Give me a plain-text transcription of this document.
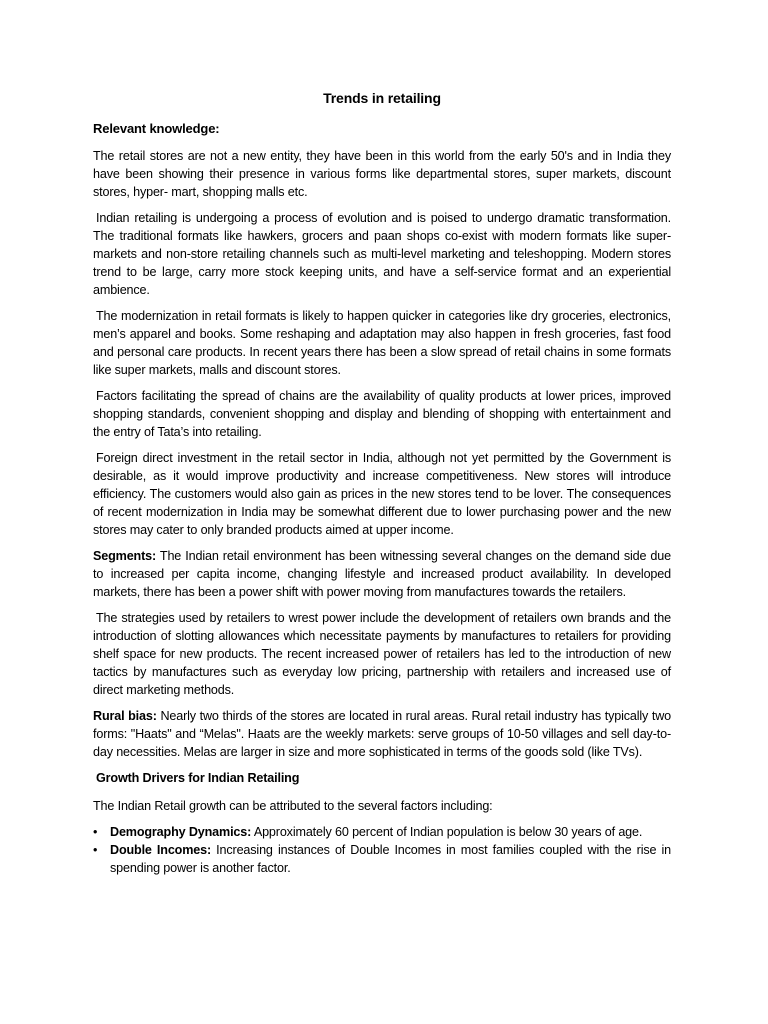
Trends in retailing
Relevant knowledge:

The retail stores are not a new entity, they have been in this world from the early 50's and in India they have been showing their presence in various forms like departmental stores, super markets, discount stores, hyper- mart, shopping malls etc.

Indian retailing is undergoing a process of evolution and is poised to undergo dramatic transformation. The traditional formats like hawkers, grocers and paan shops co-exist with modern formats like super- markets and non-store retailing channels such as multi-level marketing and teleshopping. Modern stores trend to be large, carry more stock keeping units, and have a self-service format and an experiential ambience.

The modernization in retail formats is likely to happen quicker in categories like dry groceries, electronics, men’s apparel and books. Some reshaping and adaptation may also happen in fresh groceries, fast food and personal care products. In recent years there has been a slow spread of retail chains in some formats like super markets, malls and discount stores.

Factors facilitating the spread of chains are the availability of quality products at lower prices, improved shopping standards, convenient shopping and display and blending of shopping with entertainment and the entry of Tata’s into retailing.

Foreign direct investment in the retail sector in India, although not yet permitted by the Government is desirable, as it would improve productivity and increase competitiveness. New stores will introduce efficiency. The customers would also gain as prices in the new stores tend to be lover. The consequences of recent modernization in India may be somewhat different due to lower purchasing power and the new stores may cater to only branded products aimed at upper income.

Segments: The Indian retail environment has been witnessing several changes on the demand side due to increased per capita income, changing lifestyle and increased product availability. In developed markets, there has been a power shift with power moving from manufactures towards the retailers.

The strategies used by retailers to wrest power include the development of retailers own brands and the introduction of slotting allowances which necessitate payments by manufactures to retailers for providing shelf space for new products. The recent increased power of retailers has led to the introduction of new tactics by manufactures such as everyday low pricing, partnership with retailers and increased use of direct marketing methods.

Rural bias: Nearly two thirds of the stores are located in rural areas. Rural retail industry has typically two forms: "Haats" and “Melas". Haats are the weekly markets: serve groups of 10-50 villages and sell day-to-day necessities. Melas are larger in size and more sophisticated in terms of the goods sold (like TVs).

Growth Drivers for Indian Retailing

The Indian Retail growth can be attributed to the several factors including:

• Demography Dynamics: Approximately 60 percent of Indian population is below 30 years of age.
• Double Incomes: Increasing instances of Double Incomes in most families coupled with the rise in spending power is another factor.
